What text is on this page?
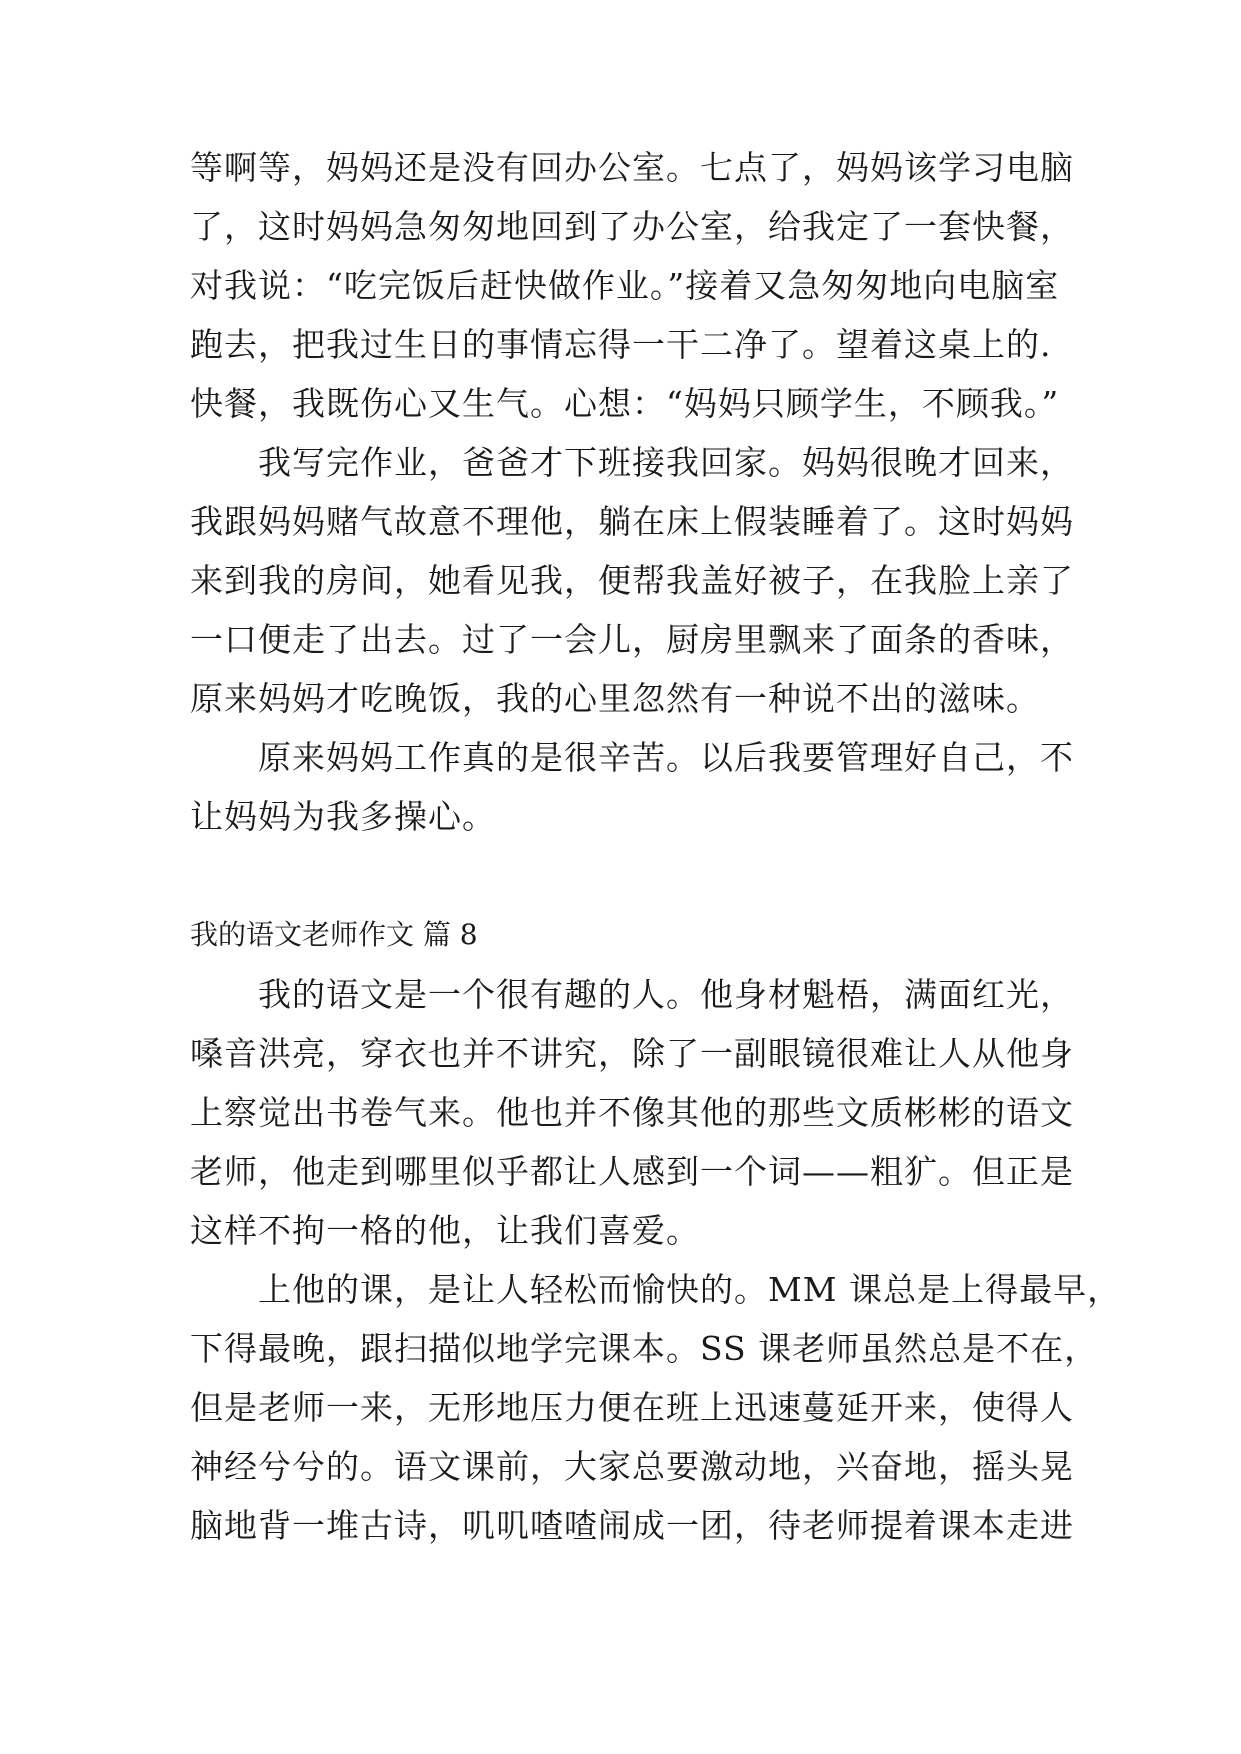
等啊等，妈妈还是没有回办公室。七点了，妈妈该学习电脑
了，这时妈妈急匆匆地回到了办公室，给我定了一套快餐，
对我说：“吃完饭后赶快做作业。”接着又急匆匆地向电脑室
跑去，把我过生日的事情忘得一干二净了。望着这桌上的.
快餐，我既伤心又生气。心想：“妈妈只顾学生，不顾我。”
我写完作业，爸爸才下班接我回家。妈妈很晚才回来，
我跟妈妈赌气故意不理他，躺在床上假装睡着了。这时妈妈
来到我的房间，她看见我，便帮我盖好被子，在我脸上亲了
一口便走了出去。过了一会儿，厨房里飘来了面条的香味，
原来妈妈才吃晚饭，我的心里忽然有一种说不出的滋味。
原来妈妈工作真的是很辛苦。以后我要管理好自己，不
让妈妈为我多操心。
我的语文老师作文 篇 8
我的语文是一个很有趣的人。他身材魁梧，满面红光，
嗓音洪亮，穿衣也并不讲究，除了一副眼镜很难让人从他身
上察觉出书卷气来。他也并不像其他的那些文质彬彬的语文
老师，他走到哪里似乎都让人感到一个词——粗犷。但正是
这样不拘一格的他，让我们喜爱。
上他的课，是让人轻松而愉快的。MM 课总是上得最早，
下得最晚，跟扫描似地学完课本。SS 课老师虽然总是不在，
但是老师一来，无形地压力便在班上迅速蔓延开来，使得人
神经兮兮的。语文课前，大家总要激动地，兴奋地，摇头晃
脑地背一堆古诗，叽叽喳喳闹成一团，待老师提着课本走进
